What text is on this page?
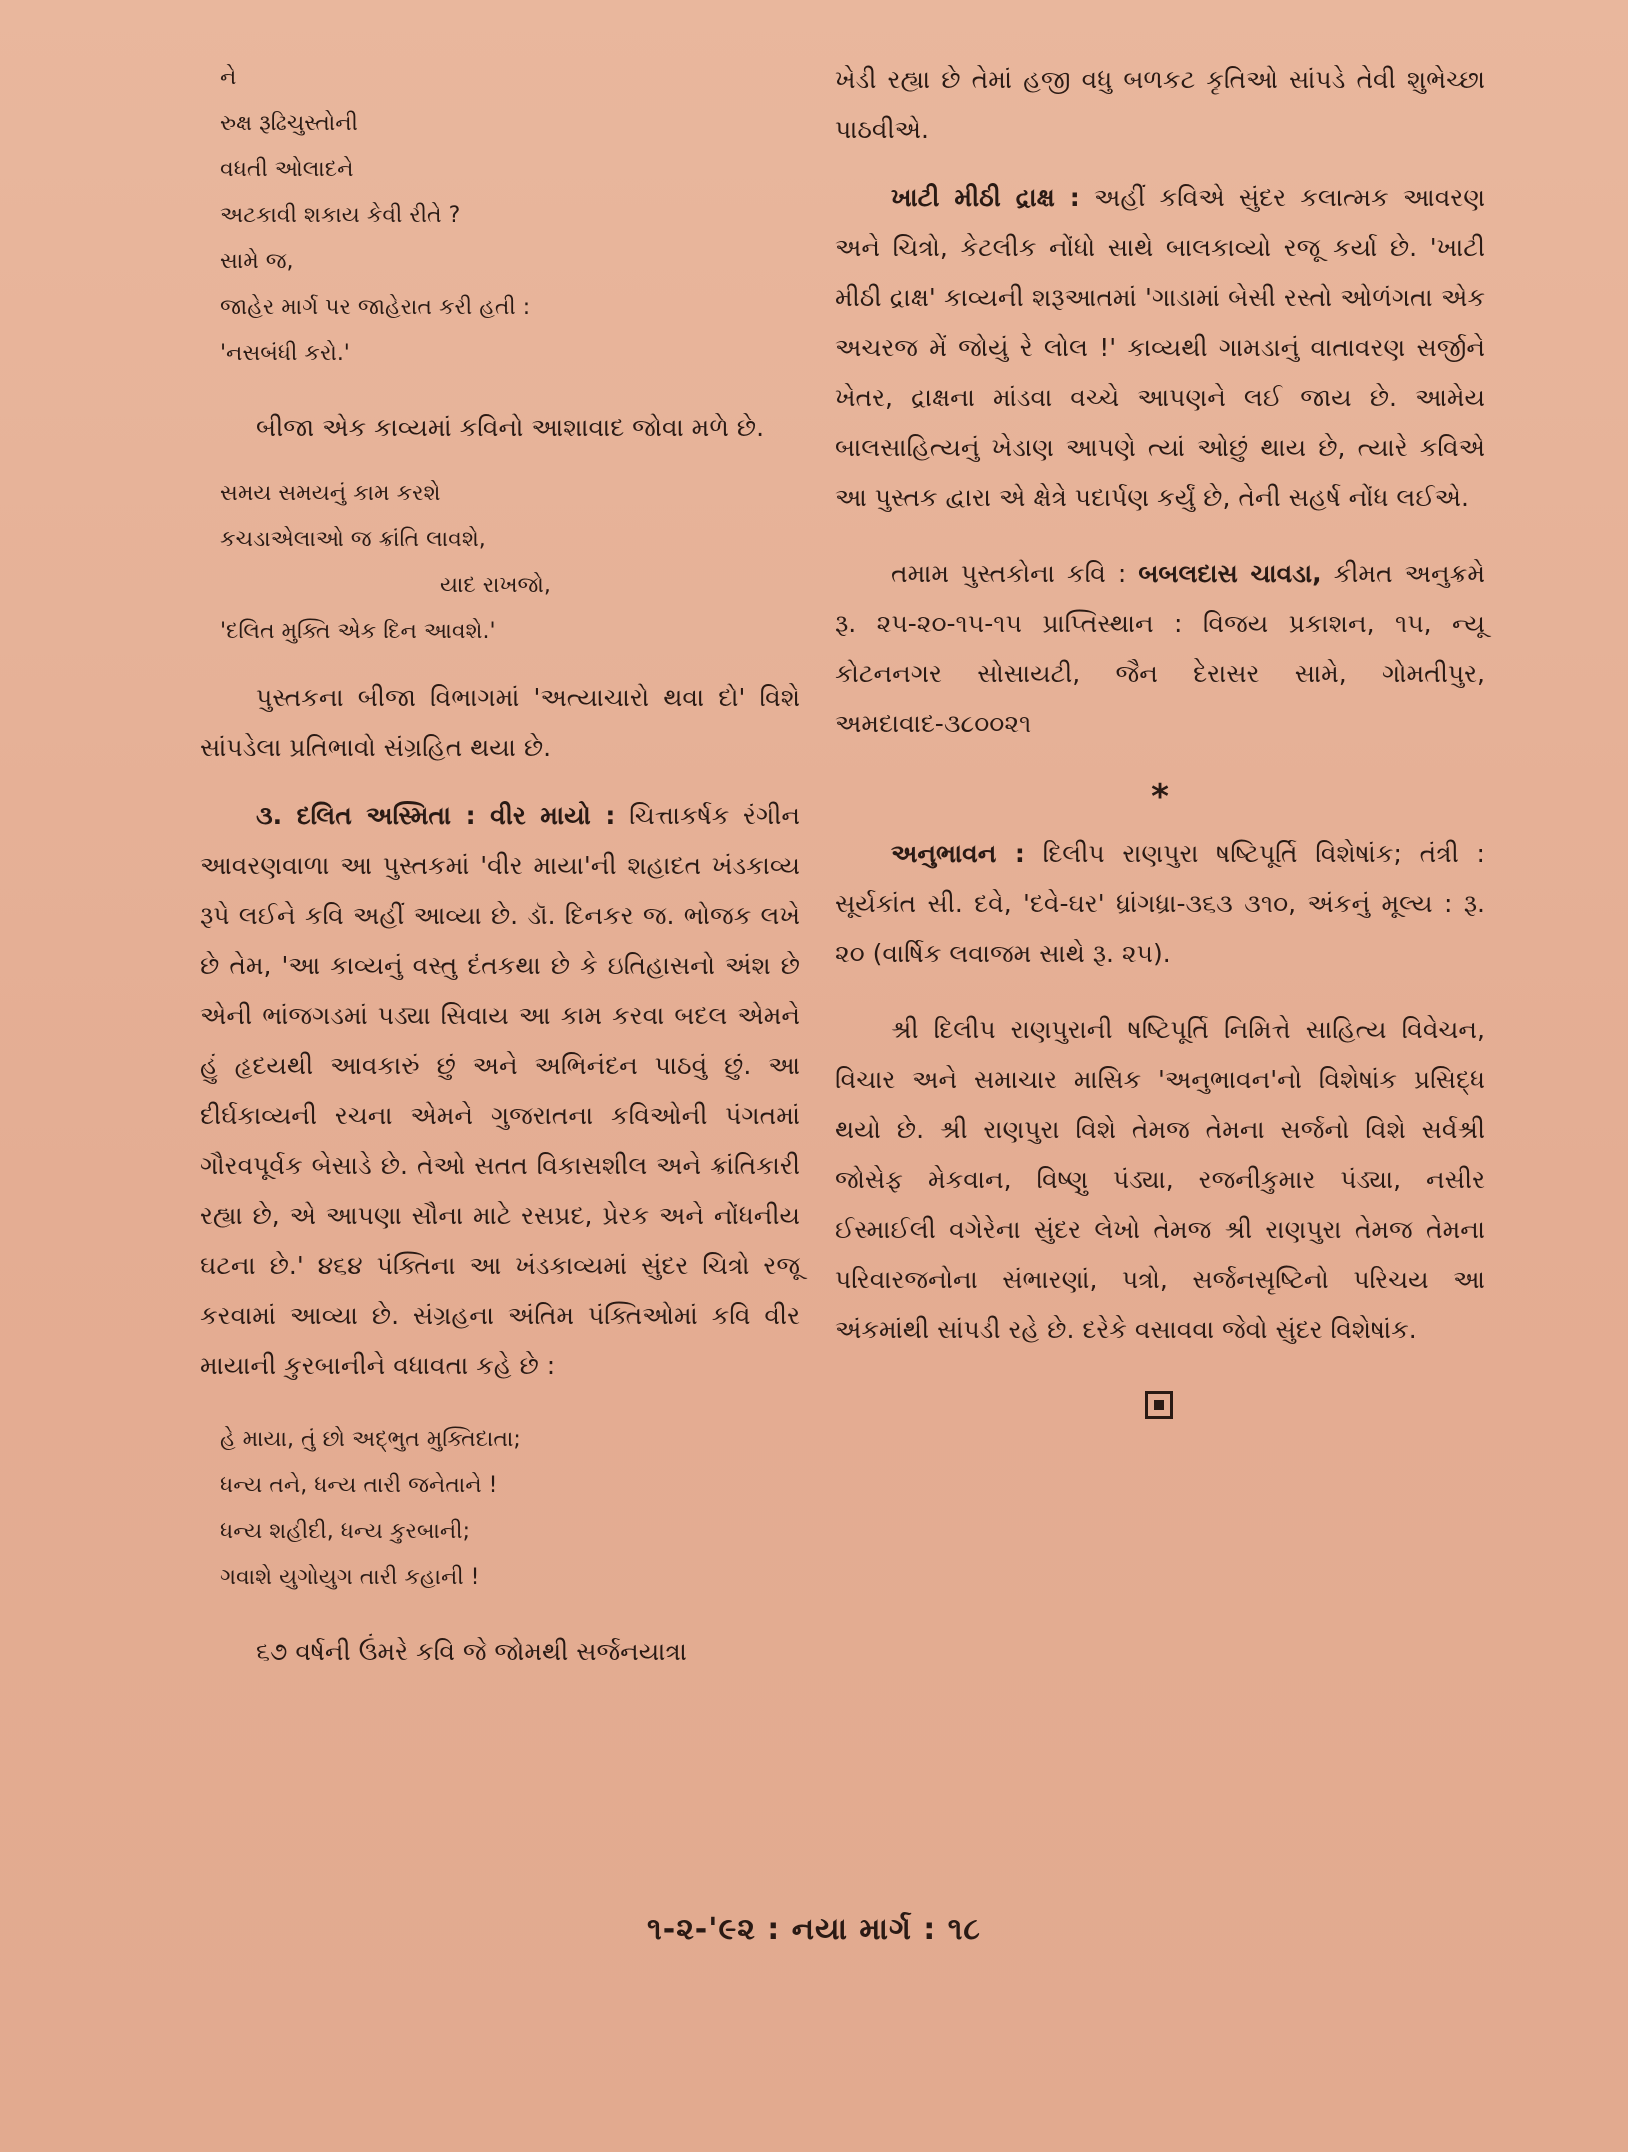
ને
રુક્ષ રૂઢિચુસ્તોની
વધતી ઓલાદને
અટકાવી શકાય કેવી રીતે ?
સામે જ,
જાહેર માર્ગ પર જાહેરાત કરી હતી :
'નસબંધી કરો.'

બીજા એક કાવ્યમાં કવિનો આશાવાદ જોવા મળે છે.

સમય સમયનું કામ કરશે
કચડાએલાઓ જ ક્રાંતિ લાવશે,
યાદ રાખજો,
'દલિત મુક્તિ એક દિન આવશે.'

પુસ્તકના બીજા વિભાગમાં 'અત્યાચારો થવા દો' વિશે સાંપડેલા પ્રતિભાવો સંગ્રહિત થયા છે.

૩. દલિત અસ્મિતા : વીર માયો : ચિત્તાકર્ષક રંગીન આવરણવાળા આ પુસ્તકમાં 'વીર માયા'ની શહાદત ખંડકાવ્ય રૂપે લઈને કવિ અહીં આવ્યા છે. ડૉ. દિનકર જ. ભોજક લખે છે તેમ, 'આ કાવ્યનું વસ્તુ દંતકથા છે કે ઇતિહાસનો અંશ છે એની ભાંજગડમાં પડ્યા સિવાય આ કામ કરવા બદલ એમને હું હૃદયથી આવકારું છું અને અભિનંદન પાઠવું છું. આ દીર્ઘકાવ્યની રચના એમને ગુજરાતના કવિઓની પંગતમાં ગૌરવપૂર્વક બેસાડે છે. તેઓ સતત વિકાસશીલ અને ક્રાંતિકારી રહ્યા છે, એ આપણા સૌના માટે રસપ્રદ, પ્રેરક અને નોંધનીય ઘટના છે.' ૪૬૪ પંક્તિના આ ખંડકાવ્યમાં સુંદર ચિત્રો રજૂ કરવામાં આવ્યા છે. સંગ્રહના અંતિમ પંક્તિઓમાં કવિ વીર માયાની કુરબાનીને વધાવતા કહે છે :

હે માયા, તું છો અદ્ભુત મુક્તિદાતા;
ધન્ય તને, ધન્ય તારી જનેતાને !
ધન્ય શહીદી, ધન્ય કુરબાની;
ગવાશે યુગોયુગ તારી કહાની !

૬૭ વર્ષની ઉંમરે કવિ જે જોમથી સર્જનયાત્રા

ખેડી રહ્યા છે તેમાં હજી વધુ બળકટ કૃતિઓ સાંપડે તેવી શુભેચ્છા પાઠવીએ.

ખાટી મીઠી દ્રાક્ષ : અહીં કવિએ સુંદર કલાત્મક આવરણ અને ચિત્રો, કેટલીક નોંધો સાથે બાલકાવ્યો રજૂ કર્યા છે. 'ખાટી મીઠી દ્રાક્ષ' કાવ્યની શરૂઆતમાં 'ગાડામાં બેસી રસ્તો ઓળંગતા એક અચરજ મેં જોયું રે લોલ !' કાવ્યથી ગામડાનું વાતાવરણ સર્જીને ખેતર, દ્રાક્ષના માંડવા વચ્ચે આપણને લઈ જાય છે. આમેય બાલસાહિત્યનું ખેડાણ આપણે ત્યાં ઓછું થાય છે, ત્યારે કવિએ આ પુસ્તક દ્વારા એ ક્ષેત્રે પદાર્પણ કર્યું છે, તેની સહર્ષ નોંધ લઈએ.

તમામ પુસ્તકોના કવિ : બબલદાસ ચાવડા, કીમત અનુક્રમે રૂ. ૨૫-૨૦-૧૫-૧૫ પ્રાપ્તિસ્થાન : વિજય પ્રકાશન, ૧૫, ન્યૂ કોટનનગર સોસાયટી, જૈન દેરાસર સામે, ગોમતીપુર, અમદાવાદ-૩૮૦૦૨૧

*

અનુભાવન : દિલીપ રાણપુરા ષષ્ટિપૂર્તિ વિશેષાંક; તંત્રી : સૂર્યકાંત સી. દવે, 'દવે-ઘર' ધ્રાંગધ્રા-૩૬૩ ૩૧૦, અંકનું મૂલ્ય : રૂ. ૨૦ (વાર્ષિક લવાજમ સાથે રૂ. ૨૫).

શ્રી દિલીપ રાણપુરાની ષષ્ટિપૂર્તિ નિમિત્તે સાહિત્ય વિવેચન, વિચાર અને સમાચાર માસિક 'અનુભાવન'નો વિશેષાંક પ્રસિદ્ધ થયો છે. શ્રી રાણપુરા વિશે તેમજ તેમના સર્જનો વિશે સર્વશ્રી જોસેફ મેકવાન, વિષ્ણુ પંડ્યા, રજનીકુમાર પંડ્યા, નસીર ઈસ્માઈલી વગેરેના સુંદર લેખો તેમજ શ્રી રાણપુરા તેમજ તેમના પરિવારજનોના સંભારણાં, પત્રો, સર્જનસૃષ્ટિનો પરિચય આ અંકમાંથી સાંપડી રહે છે. દરેકે વસાવવા જેવો સુંદર વિશેષાંક.

૧-૨-'૯૨ : નયા માર્ગ : ૧૮
